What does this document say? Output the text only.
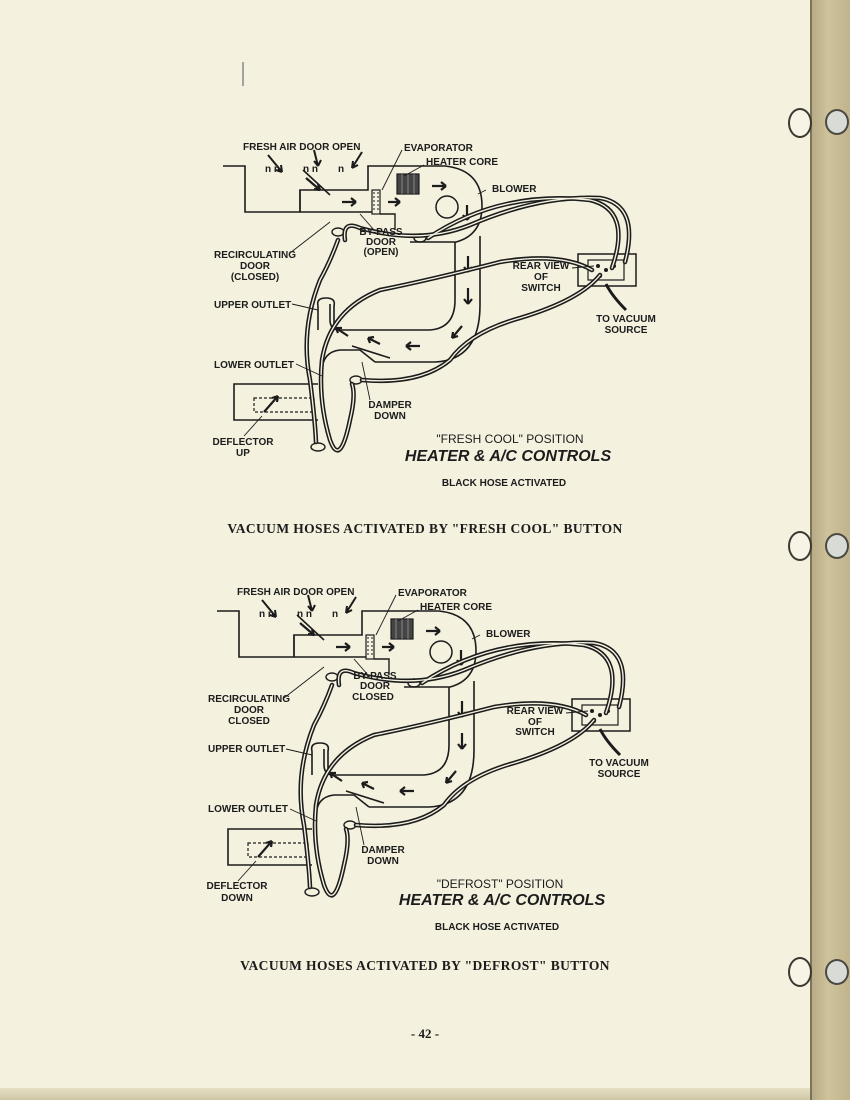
FRESH AIR DOOR OPEN	EVAPORATOR
HEATER CORE
BLOWER
RECIRCULATING
DOOR
(CLOSED)
BY-PASS
DOOR
(OPEN)
REAR VIEW
OF
SWITCH
TO VACUUM
SOURCE
UPPER OUTLET
LOWER OUTLET
DAMPER
DOWN
DEFLECTOR
UP
"FRESH COOL" POSITION
HEATER & A/C CONTROLS
BLACK HOSE ACTIVATED
FRESH AIR DOOR OPEN	EVAPORATOR
HEATER CORE
BLOWER
RECIRCULATING
DOOR
CLOSED
BY-PASS
DOOR
CLOSED
REAR VIEW
OF
SWITCH
TO VACUUM
SOURCE
UPPER OUTLET
LOWER OUTLET
DAMPER
DOWN
DEFLECTOR
DOWN
"DEFROST" POSITION
HEATER & A/C CONTROLS
BLACK HOSE ACTIVATED
VACUUM HOSES ACTIVATED BY "FRESH COOL" BUTTON
VACUUM HOSES ACTIVATED BY "DEFROST" BUTTON
- 42 -
